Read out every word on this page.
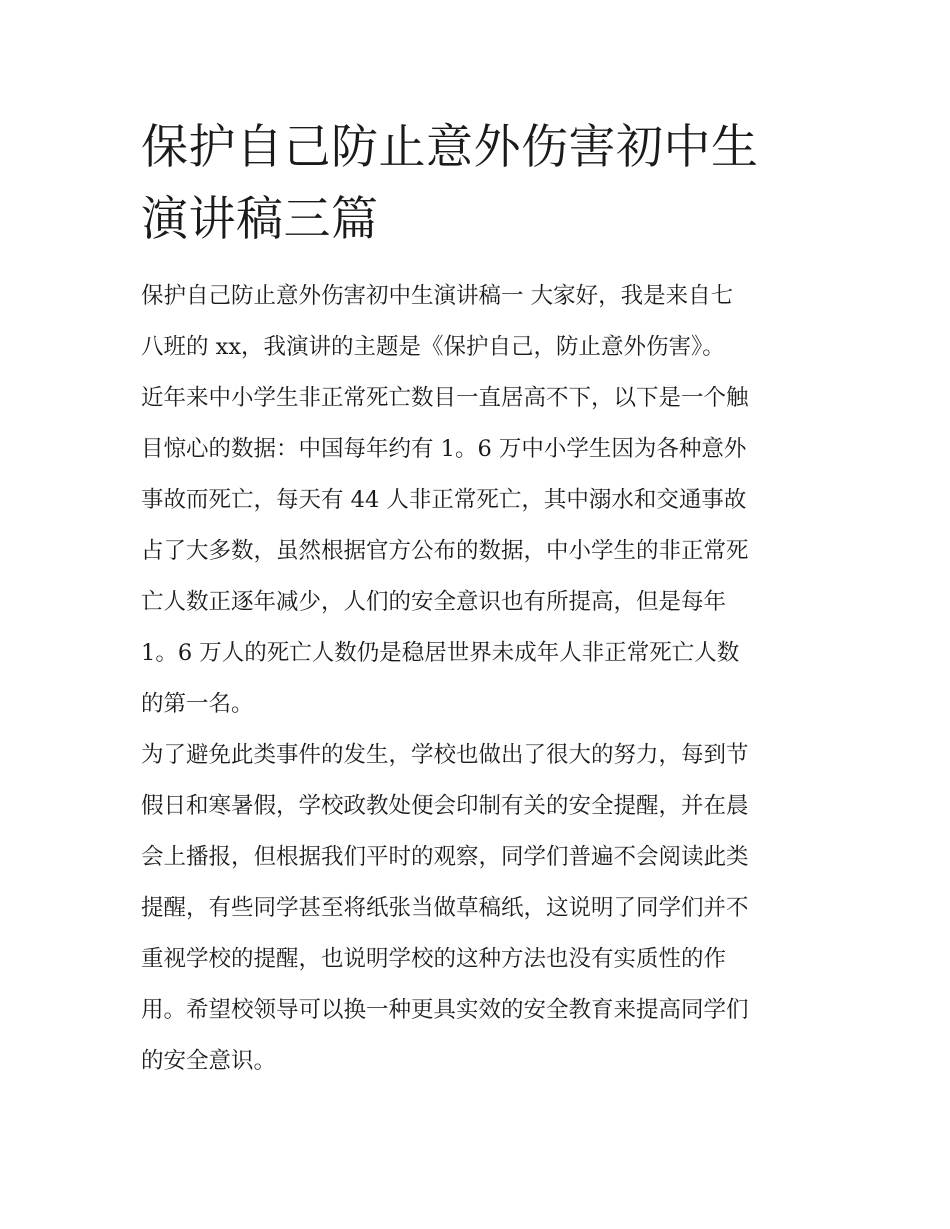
保护自己防止意外伤害初中生
演讲稿三篇

保护自己防止意外伤害初中生演讲稿一 大家好，我是来自七

八班的 xx，我演讲的主题是《保护自己，防止意外伤害》。

近年来中小学生非正常死亡数目一直居高不下，以下是一个触

目惊心的数据：中国每年约有 1。6 万中小学生因为各种意外

事故而死亡，每天有 44 人非正常死亡，其中溺水和交通事故

占了大多数，虽然根据官方公布的数据，中小学生的非正常死

亡人数正逐年减少，人们的安全意识也有所提高，但是每年

1。6 万人的死亡人数仍是稳居世界未成年人非正常死亡人数

的第一名。

为了避免此类事件的发生，学校也做出了很大的努力，每到节

假日和寒暑假，学校政教处便会印制有关的安全提醒，并在晨

会上播报，但根据我们平时的观察，同学们普遍不会阅读此类

提醒，有些同学甚至将纸张当做草稿纸，这说明了同学们并不

重视学校的提醒，也说明学校的这种方法也没有实质性的作

用。希望校领导可以换一种更具实效的安全教育来提高同学们

的安全意识。
